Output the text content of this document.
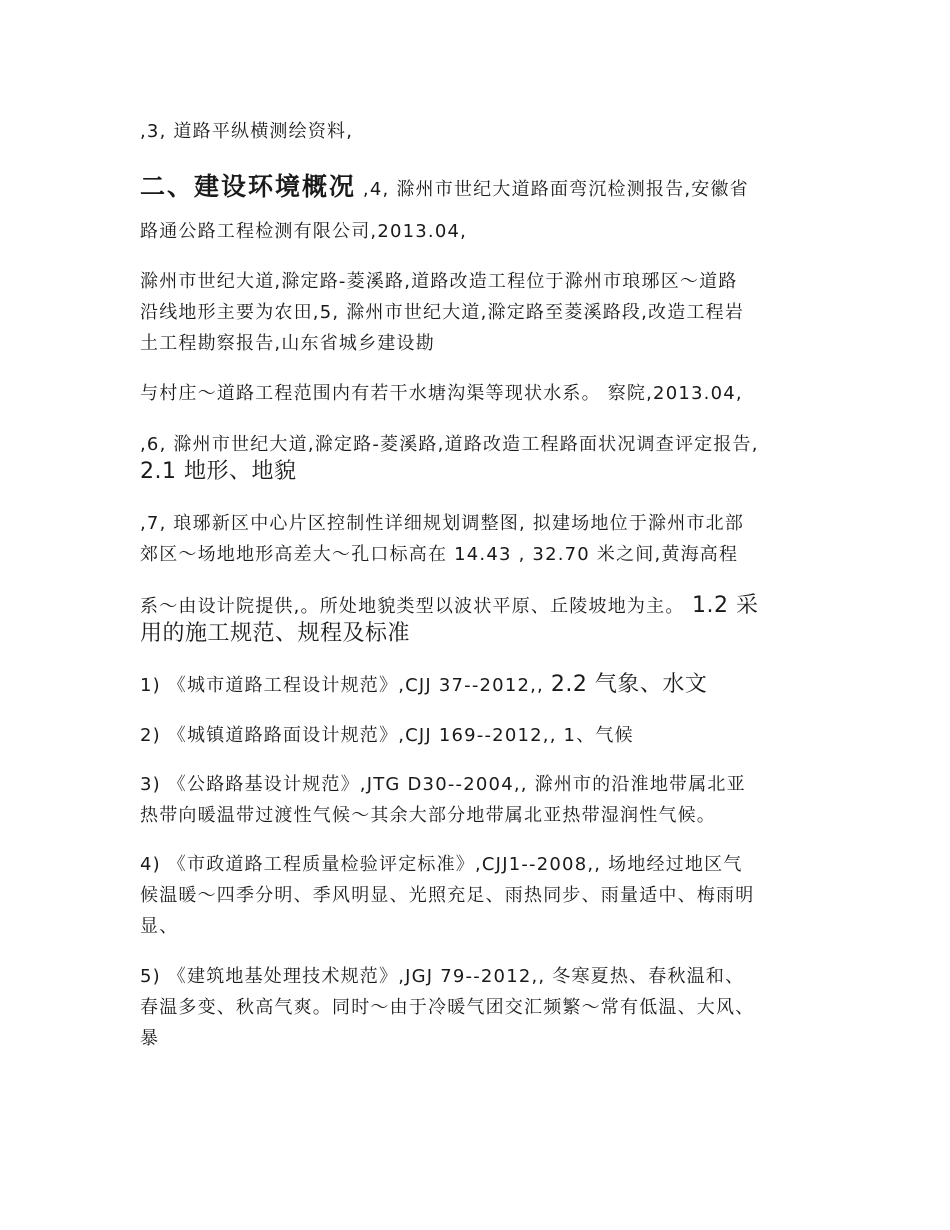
,3, 道路平纵横测绘资料,
二、建设环境概况 ,4, 滁州市世纪大道路面弯沉检测报告,安徽省
路通公路工程检测有限公司,2013.04,
滁州市世纪大道,滁定路-菱溪路,道路改造工程位于滁州市琅琊区～道路
沿线地形主要为农田,5, 滁州市世纪大道,滁定路至菱溪路段,改造工程岩
土工程勘察报告,山东省城乡建设勘
与村庄～道路工程范围内有若干水塘沟渠等现状水系。 察院,2013.04,
,6, 滁州市世纪大道,滁定路-菱溪路,道路改造工程路面状况调查评定报告,
2.1 地形、地貌
,7, 琅琊新区中心片区控制性详细规划调整图, 拟建场地位于滁州市北部
郊区～场地地形高差大～孔口标高在 14.43 , 32.70 米之间,黄海高程
系～由设计院提供,。所处地貌类型以波状平原、丘陵坡地为主。 1.2 采
用的施工规范、规程及标准
1) 《城市道路工程设计规范》,CJJ 37--2012,, 2.2 气象、水文
2) 《城镇道路路面设计规范》,CJJ 169--2012,, 1、气候
3) 《公路路基设计规范》,JTG D30--2004,, 滁州市的沿淮地带属北亚
热带向暖温带过渡性气候～其余大部分地带属北亚热带湿润性气候。
4) 《市政道路工程质量检验评定标准》,CJJ1--2008,, 场地经过地区气
候温暖～四季分明、季风明显、光照充足、雨热同步、雨量适中、梅雨明
显、
5) 《建筑地基处理技术规范》,JGJ 79--2012,, 冬寒夏热、春秋温和、
春温多变、秋高气爽。同时～由于冷暖气团交汇频繁～常有低温、大风、
暴
